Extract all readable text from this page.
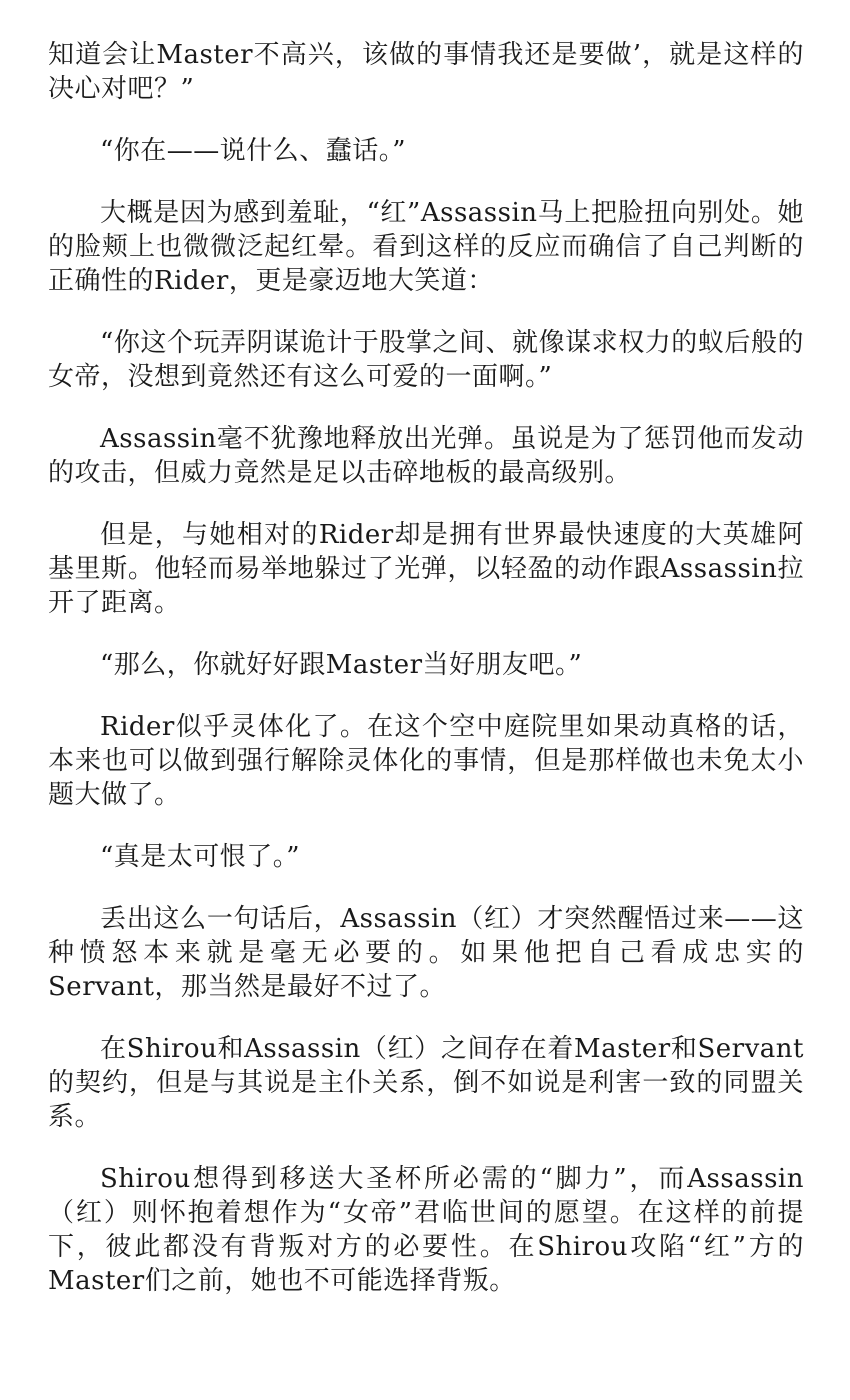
知道会让Master不高兴，该做的事情我还是要做’，就是这样的决心对吧？”

“你在——说什么、蠢话。”

大概是因为感到羞耻，“红”Assassin马上把脸扭向别处。她的脸颊上也微微泛起红晕。看到这样的反应而确信了自己判断的正确性的Rider，更是豪迈地大笑道：

“你这个玩弄阴谋诡计于股掌之间、就像谋求权力的蚁后般的女帝，没想到竟然还有这么可爱的一面啊。”

Assassin毫不犹豫地释放出光弹。虽说是为了惩罚他而发动的攻击，但威力竟然是足以击碎地板的最高级别。

但是，与她相对的Rider却是拥有世界最快速度的大英雄阿基里斯。他轻而易举地躲过了光弹，以轻盈的动作跟Assassin拉开了距离。

“那么，你就好好跟Master当好朋友吧。”

Rider似乎灵体化了。在这个空中庭院里如果动真格的话，本来也可以做到强行解除灵体化的事情，但是那样做也未免太小题大做了。

“真是太可恨了。”

丢出这么一句话后，Assassin（红）才突然醒悟过来——这种愤怒本来就是毫无必要的。如果他把自己看成忠实的Servant，那当然是最好不过了。

在Shirou和Assassin（红）之间存在着Master和Servant的契约，但是与其说是主仆关系，倒不如说是利害一致的同盟关系。

Shirou想得到移送大圣杯所必需的“脚力”，而Assassin（红）则怀抱着想作为“女帝”君临世间的愿望。在这样的前提下，彼此都没有背叛对方的必要性。在Shirou攻陷“红”方的Master们之前，她也不可能选择背叛。
